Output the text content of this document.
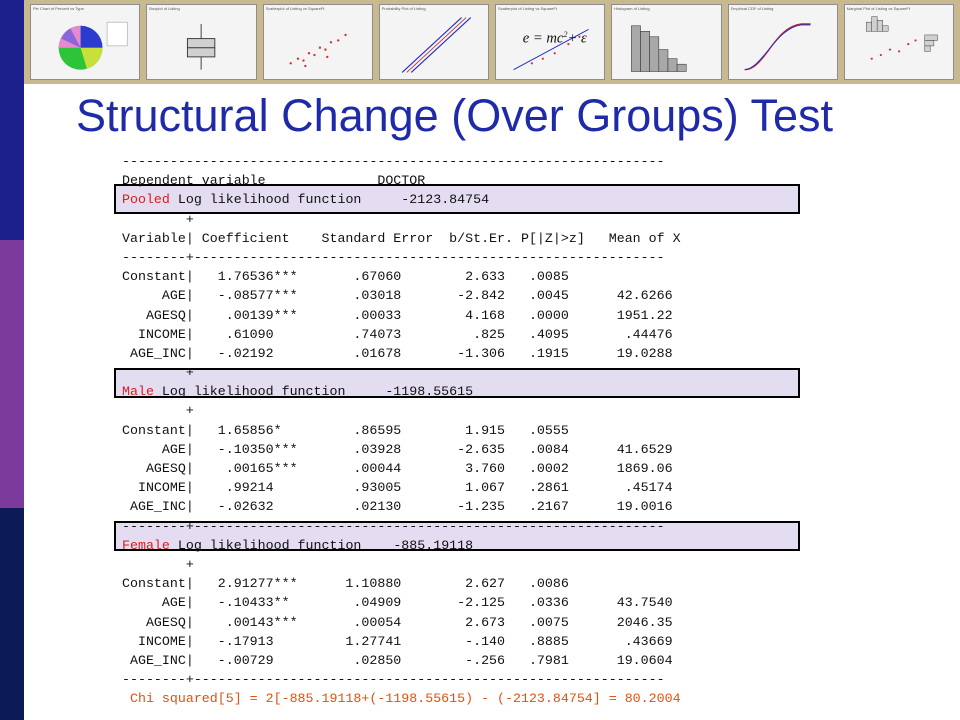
Pie Chart of Percent vs Type	Boxplot of Listing	Scatterplot of Listing vs SquareFt	Probability Plot of Listing	Scatterplot of Listing vs SquareFt
$e = mc^2+ \varepsilon$
Histogram of Listing	Empirical CDF of Listing	Marginal Plot of Listing vs SquareFt
Structural Change (Over Groups) Test
--------------------------------------------------------------------
Dependent variable              DOCTOR
Pooled Log likelihood function     -2123.84754
+
Variable| Coefficient    Standard Error  b/St.Er. P[|Z|>z]   Mean of X
--------+-----------------------------------------------------------
Constant|   1.76536***       .67060        2.633   .0085
AGE|   -.08577***       .03018       -2.842   .0045      42.6266
AGESQ|    .00139***       .00033        4.168   .0000      1951.22
INCOME|    .61090          .74073         .825   .4095       .44476
AGE_INC|   -.02192          .01678       -1.306   .1915      19.0288
+
Male Log likelihood function     -1198.55615
+
Constant|   1.65856*         .86595        1.915   .0555
AGE|   -.10350***       .03928       -2.635   .0084      41.6529
AGESQ|    .00165***       .00044        3.760   .0002      1869.06
INCOME|    .99214          .93005        1.067   .2861       .45174
AGE_INC|   -.02632          .02130       -1.235   .2167      19.0016
--------+-----------------------------------------------------------
Female Log likelihood function    -885.19118
+
Constant|   2.91277***      1.10880        2.627   .0086
AGE|   -.10433**        .04909       -2.125   .0336      43.7540
AGESQ|    .00143***       .00054        2.673   .0075      2046.35
INCOME|   -.17913         1.27741        -.140   .8885       .43669
AGE_INC|   -.00729          .02850        -.256   .7981      19.0604
--------+-----------------------------------------------------------
Chi squared[5] = 2[-885.19118+(-1198.55615) - (-2123.84754] = 80.2004
